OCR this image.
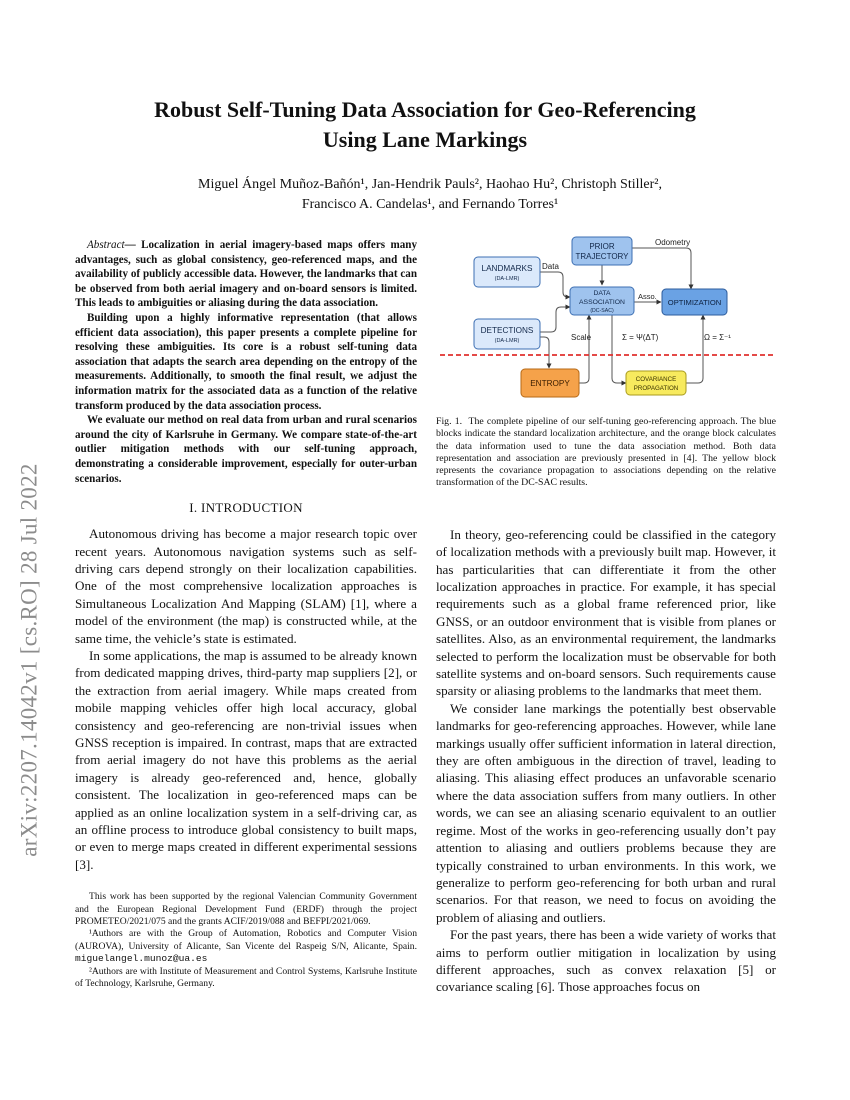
arXiv:2207.14042v1 [cs.RO] 28 Jul 2022
Robust Self-Tuning Data Association for Geo-Referencing
Using Lane Markings
Miguel Ángel Muñoz-Bañón¹, Jan-Hendrik Pauls², Haohao Hu², Christoph Stiller²,
Francisco A. Candelas¹, and Fernando Torres¹

Abstract— Localization in aerial imagery-based maps offers many advantages, such as global consistency, geo-referenced maps, and the availability of publicly accessible data. However, the landmarks that can be observed from both aerial imagery and on-board sensors is limited. This leads to ambiguities or aliasing during the data association.

Building upon a highly informative representation (that allows efficient data association), this paper presents a complete pipeline for resolving these ambiguities. Its core is a robust self-tuning data association that adapts the search area depending on the entropy of the measurements. Additionally, to smooth the final result, we adjust the information matrix for the associated data as a function of the relative transform produced by the data association process.

We evaluate our method on real data from urban and rural scenarios around the city of Karlsruhe in Germany. We compare state-of-the-art outlier mitigation methods with our self-tuning approach, demonstrating a considerable improvement, especially for outer-urban scenarios.

I. INTRODUCTION

Autonomous driving has become a major research topic over recent years. Autonomous navigation systems such as self-driving cars depend strongly on their localization capabilities. One of the most comprehensive localization approaches is Simultaneous Localization And Mapping (SLAM) [1], where a model of the environment (the map) is constructed while, at the same time, the vehicle’s state is estimated.

In some applications, the map is assumed to be already known from dedicated mapping drives, third-party map suppliers [2], or the extraction from aerial imagery. While maps created from mobile mapping vehicles offer high local accuracy, global consistency and geo-referencing are non-trivial issues when GNSS reception is impaired. In contrast, maps that are extracted from aerial imagery do not have this problems as the aerial imagery is already geo-referenced and, hence, globally consistent. The localization in geo-referenced maps can be applied as an online localization system in a self-driving car, as an offline process to introduce global consistency to built maps, or even to merge maps created in different experimental sessions [3].

This work has been supported by the regional Valencian Community Government and the European Regional Development Fund (ERDF) through the project PROMETEO/2021/075 and the grants ACIF/2019/088 and BEFPI/2021/069.

¹Authors are with the Group of Automation, Robotics and Computer Vision (AUROVA), University of Alicante, San Vicente del Raspeig S/N, Alicante, Spain. miguelangel.munoz@ua.es

²Authors are with Institute of Measurement and Control Systems, Karlsruhe Institute of Technology, Karlsruhe, Germany.

LANDMARKS
(DA-LMR)
DETECTIONS
(DA-LMR)
PRIOR
TRAJECTORY
DATA
ASSOCIATION
(DC-SAC)
OPTIMIZATION
ENTROPY	COVARIANCE
PROPAGATION
Data
Odometry
Asso.
Scale	Σ = Ψ(ΔT)	Ω = Σ⁻¹
Fig. 1. The complete pipeline of our self-tuning geo-referencing approach. The blue blocks indicate the standard localization architecture, and the orange block calculates the data information used to tune the data association method. Both data representation and association are previously presented in [4]. The yellow block represents the covariance propagation to associations depending on the relative transformation of the DC-SAC results.

In theory, geo-referencing could be classified in the category of localization methods with a previously built map. However, it has particularities that can differentiate it from the other localization approaches in practice. For example, it has special requirements such as a global frame referenced prior, like GNSS, or an outdoor environment that is visible from planes or satellites. Also, as an environmental requirement, the landmarks selected to perform the localization must be observable for both satellite systems and on-board sensors. Such requirements cause sparsity or aliasing problems to the landmarks that meet them.

We consider lane markings the potentially best observable landmarks for geo-referencing approaches. However, while lane markings usually offer sufficient information in lateral direction, they are often ambiguous in the direction of travel, leading to aliasing. This aliasing effect produces an unfavorable scenario where the data association suffers from many outliers. In other words, we can see an aliasing scenario equivalent to an outlier regime. Most of the works in geo-referencing usually don’t pay attention to aliasing and outliers problems because they are typically constrained to urban environments. In this work, we generalize to perform geo-referencing for both urban and rural scenarios. For that reason, we need to focus on avoiding the problem of aliasing and outliers.

For the past years, there has been a wide variety of works that aims to perform outlier mitigation in localization by using different approaches, such as convex relaxation [5] or covariance scaling [6]. Those approaches focus on
